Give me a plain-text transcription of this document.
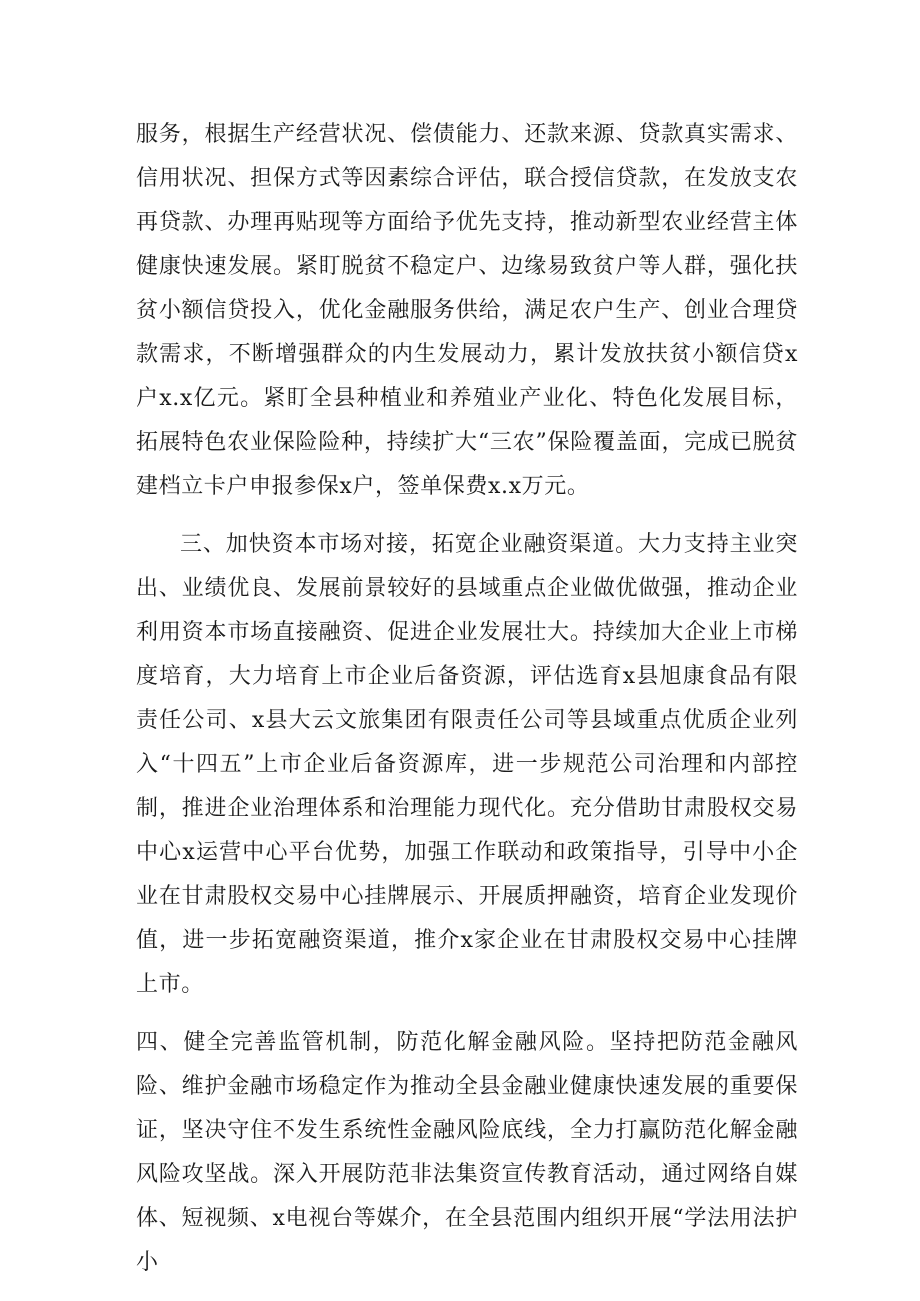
服务，根据生产经营状况、偿债能力、还款来源、贷款真实需求、信用状况、担保方式等因素综合评估，联合授信贷款，在发放支农再贷款、办理再贴现等方面给予优先支持，推动新型农业经营主体健康快速发展。紧盯脱贫不稳定户、边缘易致贫户等人群，强化扶贫小额信贷投入，优化金融服务供给，满足农户生产、创业合理贷款需求，不断增强群众的内生发展动力，累计发放扶贫小额信贷x户x.x亿元。紧盯全县种植业和养殖业产业化、特色化发展目标，拓展特色农业保险险种，持续扩大“三农”保险覆盖面，完成已脱贫建档立卡户申报参保x户，签单保费x.x万元。

三、加快资本市场对接，拓宽企业融资渠道。大力支持主业突出、业绩优良、发展前景较好的县域重点企业做优做强，推动企业利用资本市场直接融资、促进企业发展壮大。持续加大企业上市梯度培育，大力培育上市企业后备资源，评估选育x县旭康食品有限责任公司、x县大云文旅集团有限责任公司等县域重点优质企业列入“十四五”上市企业后备资源库，进一步规范公司治理和内部控制，推进企业治理体系和治理能力现代化。充分借助甘肃股权交易中心x运营中心平台优势，加强工作联动和政策指导，引导中小企业在甘肃股权交易中心挂牌展示、开展质押融资，培育企业发现价值，进一步拓宽融资渠道，推介x家企业在甘肃股权交易中心挂牌上市。

四、健全完善监管机制，防范化解金融风险。坚持把防范金融风险、维护金融市场稳定作为推动全县金融业健康快速发展的重要保证，坚决守住不发生系统性金融风险底线，全力打赢防范化解金融风险攻坚战。深入开展防范非法集资宣传教育活动，通过网络自媒体、短视频、x电视台等媒介，在全县范围内组织开展“学法用法护小
